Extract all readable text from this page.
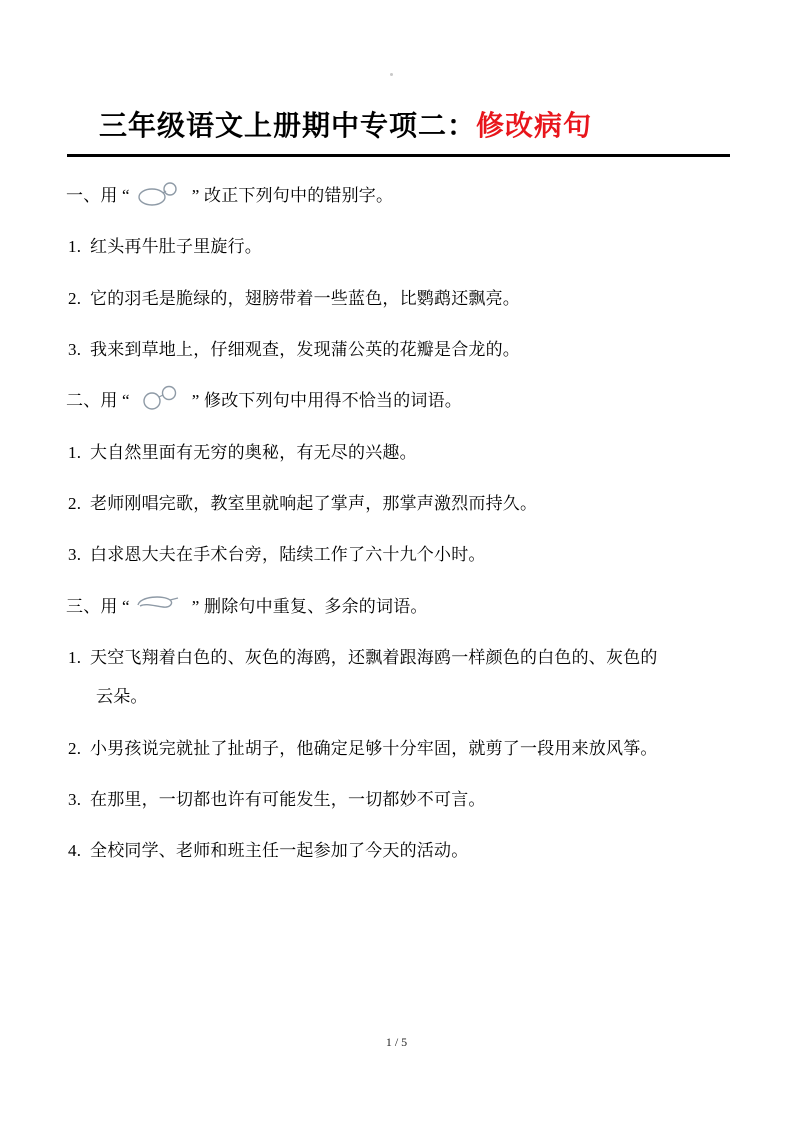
三年级语文上册期中专项二：修改病句

一、用 “	” 改正下列句中的错别字。

1. 红头再牛肚子里旋行。

2. 它的羽毛是脆绿的，翅膀带着一些蓝色，比鹦鹉还飘亮。

3. 我来到草地上，仔细观查，发现蒲公英的花瓣是合龙的。

二、用 “	” 修改下列句中用得不恰当的词语。

1. 大自然里面有无穷的奥秘，有无尽的兴趣。

2. 老师刚唱完歌，教室里就响起了掌声，那掌声激烈而持久。

3. 白求恩大夫在手术台旁，陆续工作了六十九个小时。

三、用 “	” 删除句中重复、多余的词语。

1. 天空飞翔着白色的、灰色的海鸥，还飘着跟海鸥一样颜色的白色的、灰色的

云朵。

2. 小男孩说完就扯了扯胡子，他确定足够十分牢固，就剪了一段用来放风筝。

3. 在那里，一切都也许有可能发生，一切都妙不可言。

4. 全校同学、老师和班主任一起参加了今天的活动。

1 / 5
